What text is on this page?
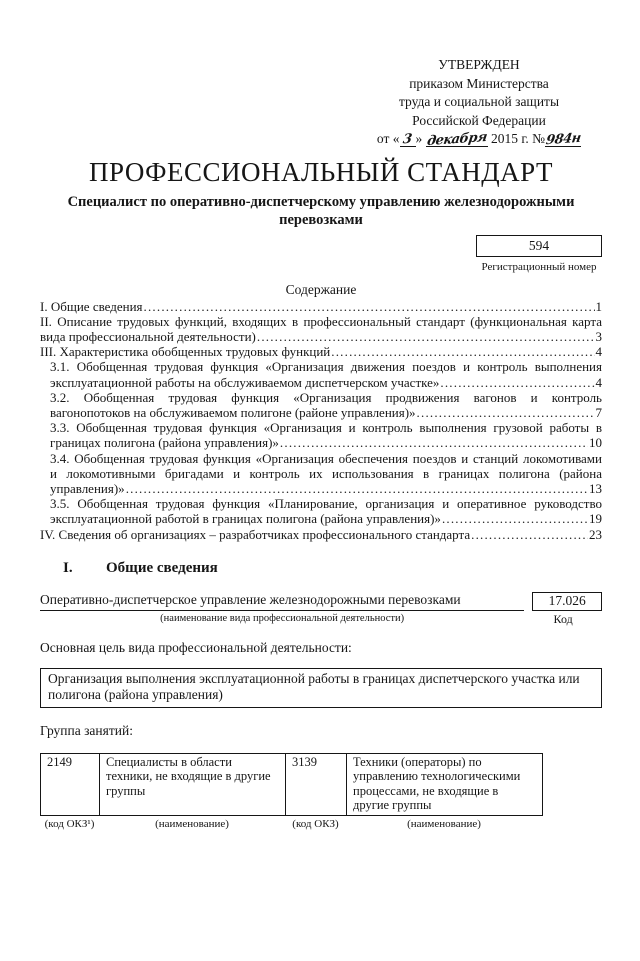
УТВЕРЖДЕН
приказом Министерства
труда и социальной защиты
Российской Федерации
от « 3 » декабря 2015 г. №984н
ПРОФЕССИОНАЛЬНЫЙ СТАНДАРТ
Специалист по оперативно-диспетчерскому управлению железнодорожными перевозками
594
Регистрационный номер
Содержание
I. Общие сведения .....	1
II. Описание трудовых функций, входящих в профессиональный стандарт (функциональная карта
вида профессиональной деятельности) .....	3
III. Характеристика обобщенных трудовых функций .....	4
3.1. Обобщенная трудовая функция «Организация движения поездов и контроль выполнения
эксплуатационной работы на обслуживаемом диспетчерском участке» .....	4
3.2. Обобщенная трудовая функция «Организация продвижения вагонов и контроль
вагонопотоков на обслуживаемом полигоне (районе управления)» .....	7
3.3. Обобщенная трудовая функция «Организация и контроль выполнения грузовой работы в
границах полигона (района управления)» .....	10
3.4. Обобщенная трудовая функция «Организация обеспечения поездов и станций локомотивами
и локомотивными бригадами и контроль их использования в границах полигона (района
управления)» .....	13
3.5. Обобщенная трудовая функция «Планирование, организация и оперативное руководство
эксплуатационной работой в границах полигона (района управления)» .....	19
IV. Сведения об организациях – разработчиках профессионального стандарта .....	23
I. Общие сведения
Оперативно-диспетчерское управление железнодорожными перевозками	17.026
(наименование вида профессиональной деятельности)	Код
Основная цель вида профессиональной деятельности:
Организация выполнения эксплуатационной работы в границах диспетчерского участка или полигона (района управления)
Группа занятий:
2149	Специалисты в области техники, не входящие в другие группы	3139	Техники (операторы) по управлению технологическими процессами, не входящие в другие группы
(код ОКЗ¹)	(наименование)	(код ОКЗ)	(наименование)
